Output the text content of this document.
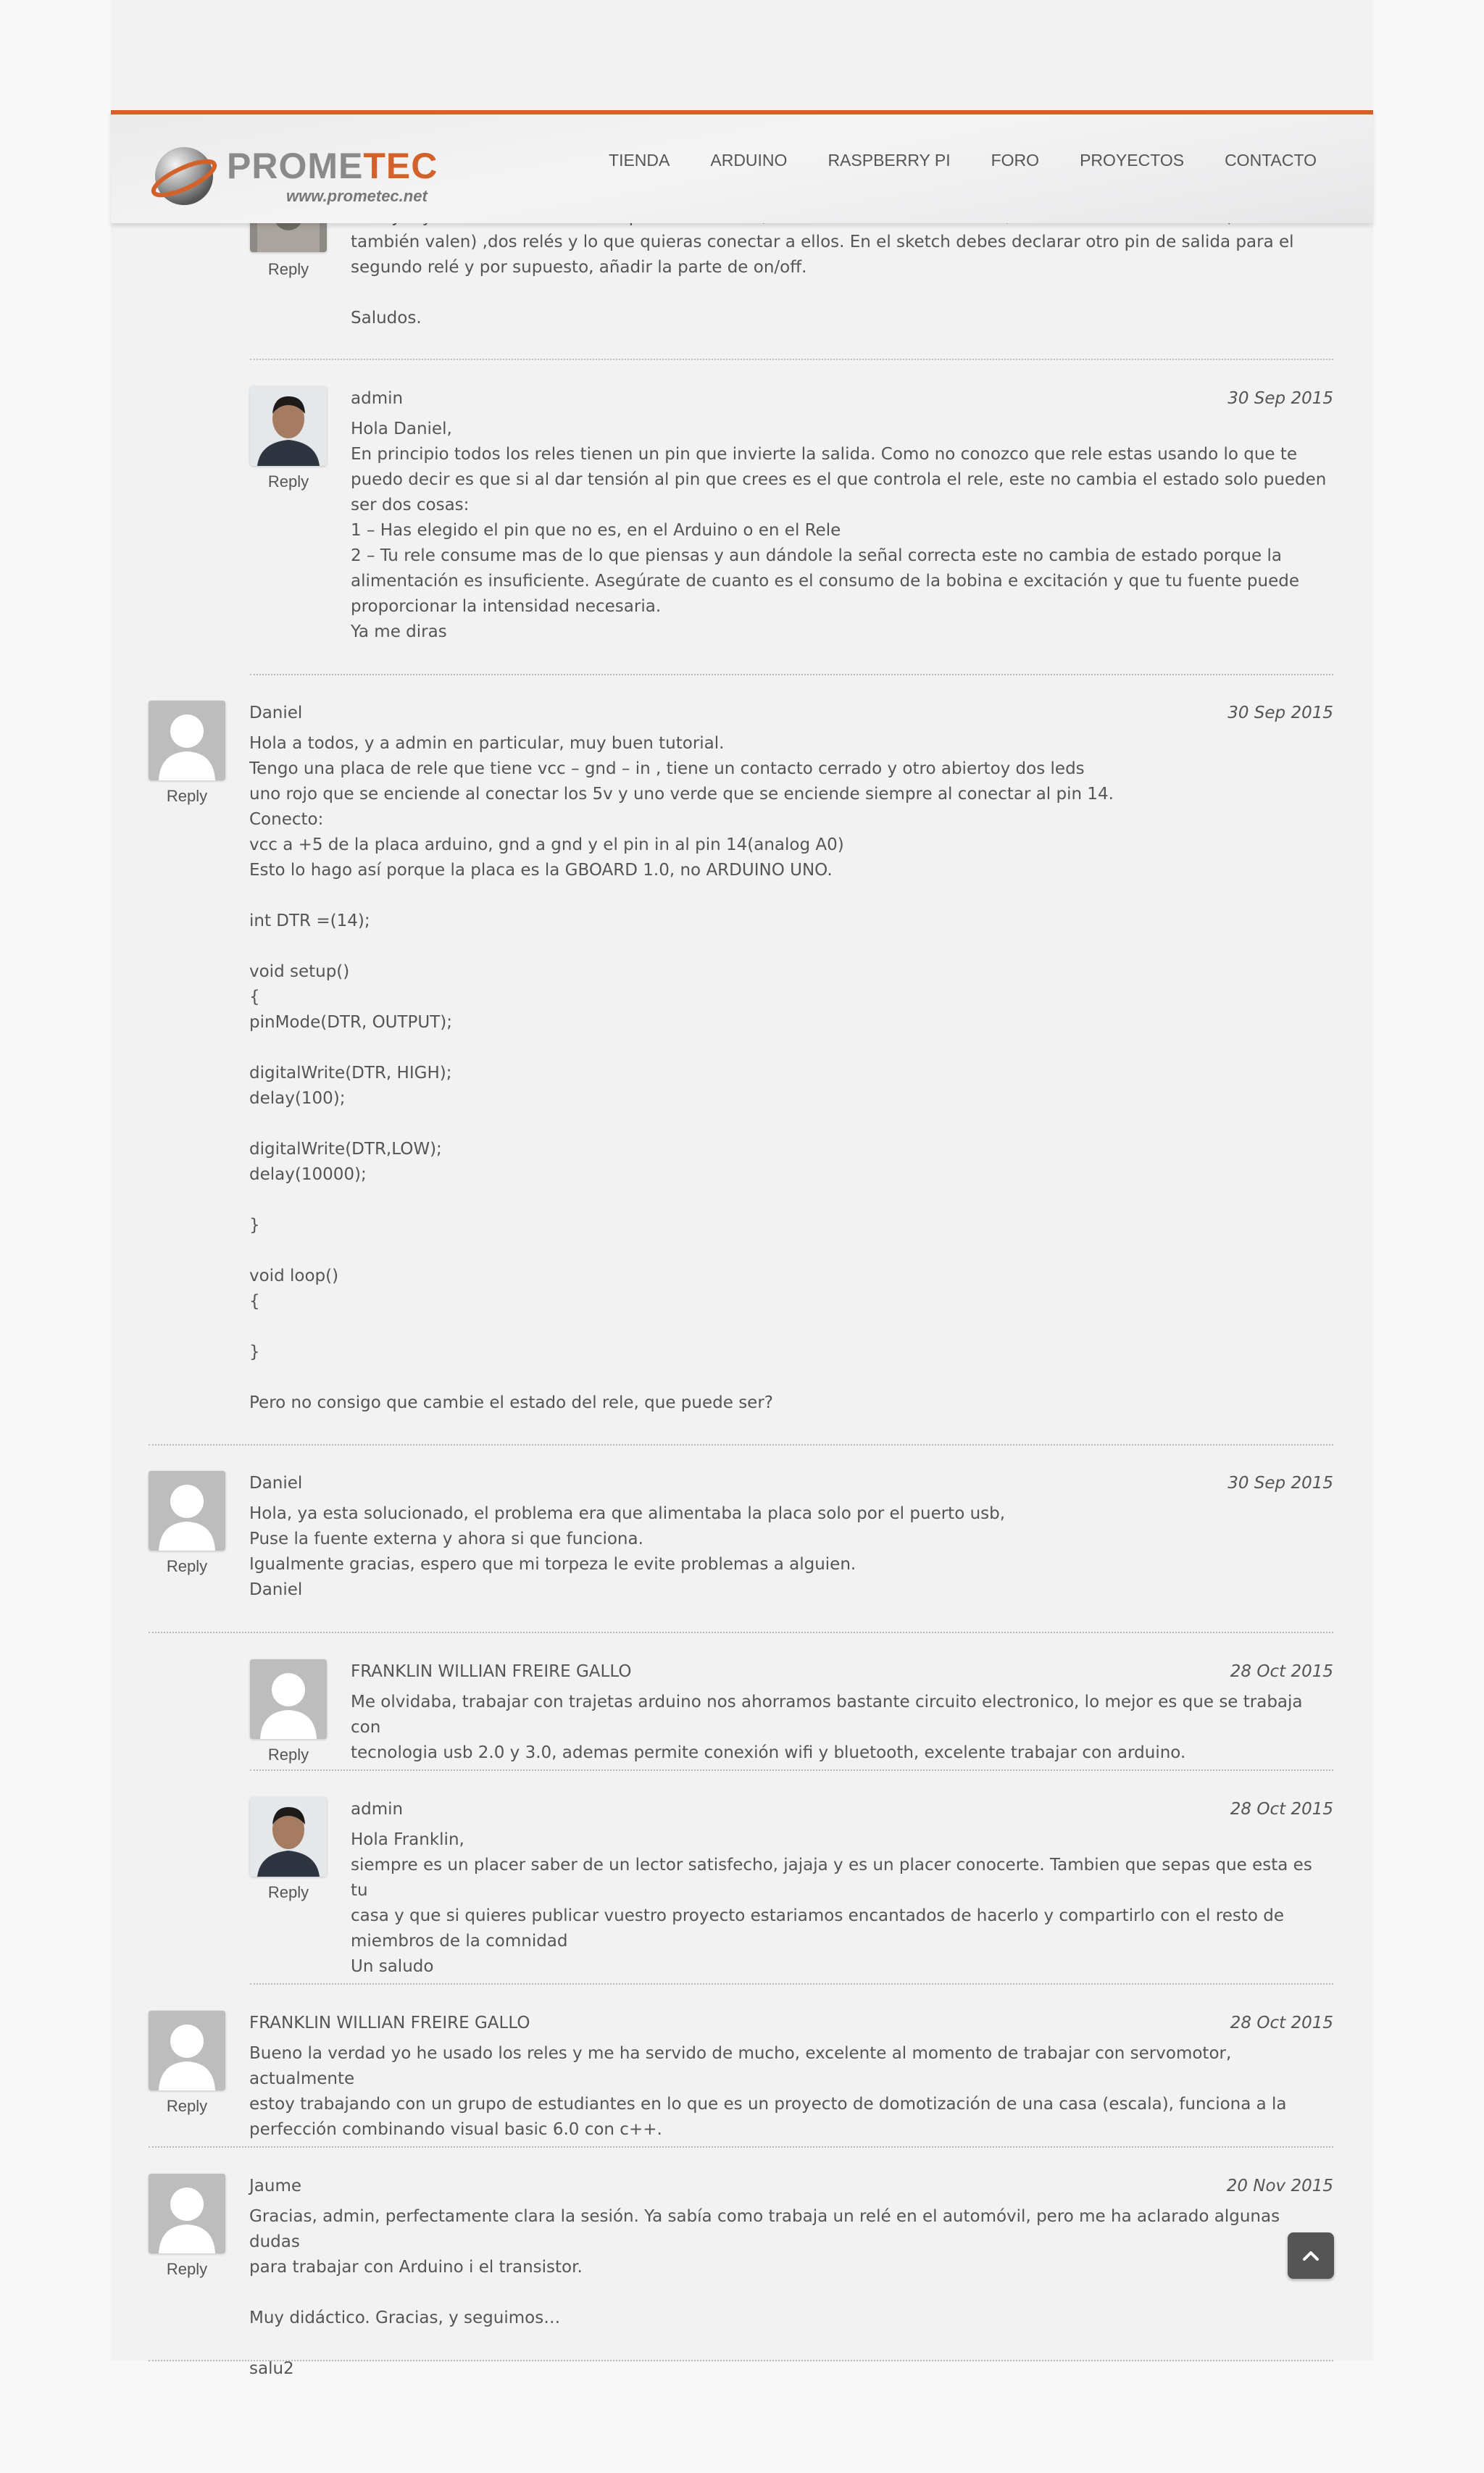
Reply

también valen) ,dos relés y lo que quieras conectar a ellos. En el sketch debes declarar otro pin de salida para el
segundo relé y por supuesto, añadir la parte de on/off.

Saludos.

Reply
admin	30 Sep 2015

Hola Daniel,
En principio todos los reles tienen un pin que invierte la salida. Como no conozco que rele estas usando lo que te
puedo decir es que si al dar tensión al pin que crees es el que controla el rele, este no cambia el estado solo pueden
ser dos cosas:
1 – Has elegido el pin que no es, en el Arduino o en el Rele
2 – Tu rele consume mas de lo que piensas y aun dándole la señal correcta este no cambia de estado porque la
alimentación es insuficiente. Asegúrate de cuanto es el consumo de la bobina e excitación y que tu fuente puede
proporcionar la intensidad necesaria.
Ya me diras

Reply
Daniel	30 Sep 2015

Hola a todos, y a admin en particular, muy buen tutorial.
Tengo una placa de rele que tiene vcc – gnd – in , tiene un contacto cerrado y otro abiertoy dos leds
uno rojo que se enciende al conectar los 5v y uno verde que se enciende siempre al conectar al pin 14.
Conecto:
vcc a +5 de la placa arduino, gnd a gnd y el pin in al pin 14(analog A0)
Esto lo hago así porque la placa es la GBOARD 1.0, no ARDUINO UNO.

int DTR =(14);

void setup()
{
pinMode(DTR, OUTPUT);

digitalWrite(DTR, HIGH);
delay(100);

digitalWrite(DTR,LOW);
delay(10000);

}

void loop()
{

}

Pero no consigo que cambie el estado del rele, que puede ser?

Reply
Daniel	30 Sep 2015

Hola, ya esta solucionado, el problema era que alimentaba la placa solo por el puerto usb,
Puse la fuente externa y ahora si que funciona.
Igualmente gracias, espero que mi torpeza le evite problemas a alguien.
Daniel

Reply
FRANKLIN WILLIAN FREIRE GALLO	28 Oct 2015

Me olvidaba, trabajar con trajetas arduino nos ahorramos bastante circuito electronico, lo mejor es que se trabaja con
tecnologia usb 2.0 y 3.0, ademas permite conexión wifi y bluetooth, excelente trabajar con arduino.

Reply
admin	28 Oct 2015

Hola Franklin,
siempre es un placer saber de un lector satisfecho, jajaja y es un placer conocerte. Tambien que sepas que esta es tu
casa y que si quieres publicar vuestro proyecto estariamos encantados de hacerlo y compartirlo con el resto de
miembros de la comnidad
Un saludo

Reply
FRANKLIN WILLIAN FREIRE GALLO	28 Oct 2015

Bueno la verdad yo he usado los reles y me ha servido de mucho, excelente al momento de trabajar con servomotor, actualmente
estoy trabajando con un grupo de estudiantes en lo que es un proyecto de domotización de una casa (escala), funciona a la
perfección combinando visual basic 6.0 con c++.

Reply
Jaume	20 Nov 2015

Gracias, admin, perfectamente clara la sesión. Ya sabía como trabaja un relé en el automóvil, pero me ha aclarado algunas dudas
para trabajar con Arduino i el transistor.

Muy didáctico. Gracias, y seguimos…

salu2

PROMETEC
www.prometec.net
TIENDA ARDUINO RASPBERRY PI FORO PROYECTOS CONTACTO
